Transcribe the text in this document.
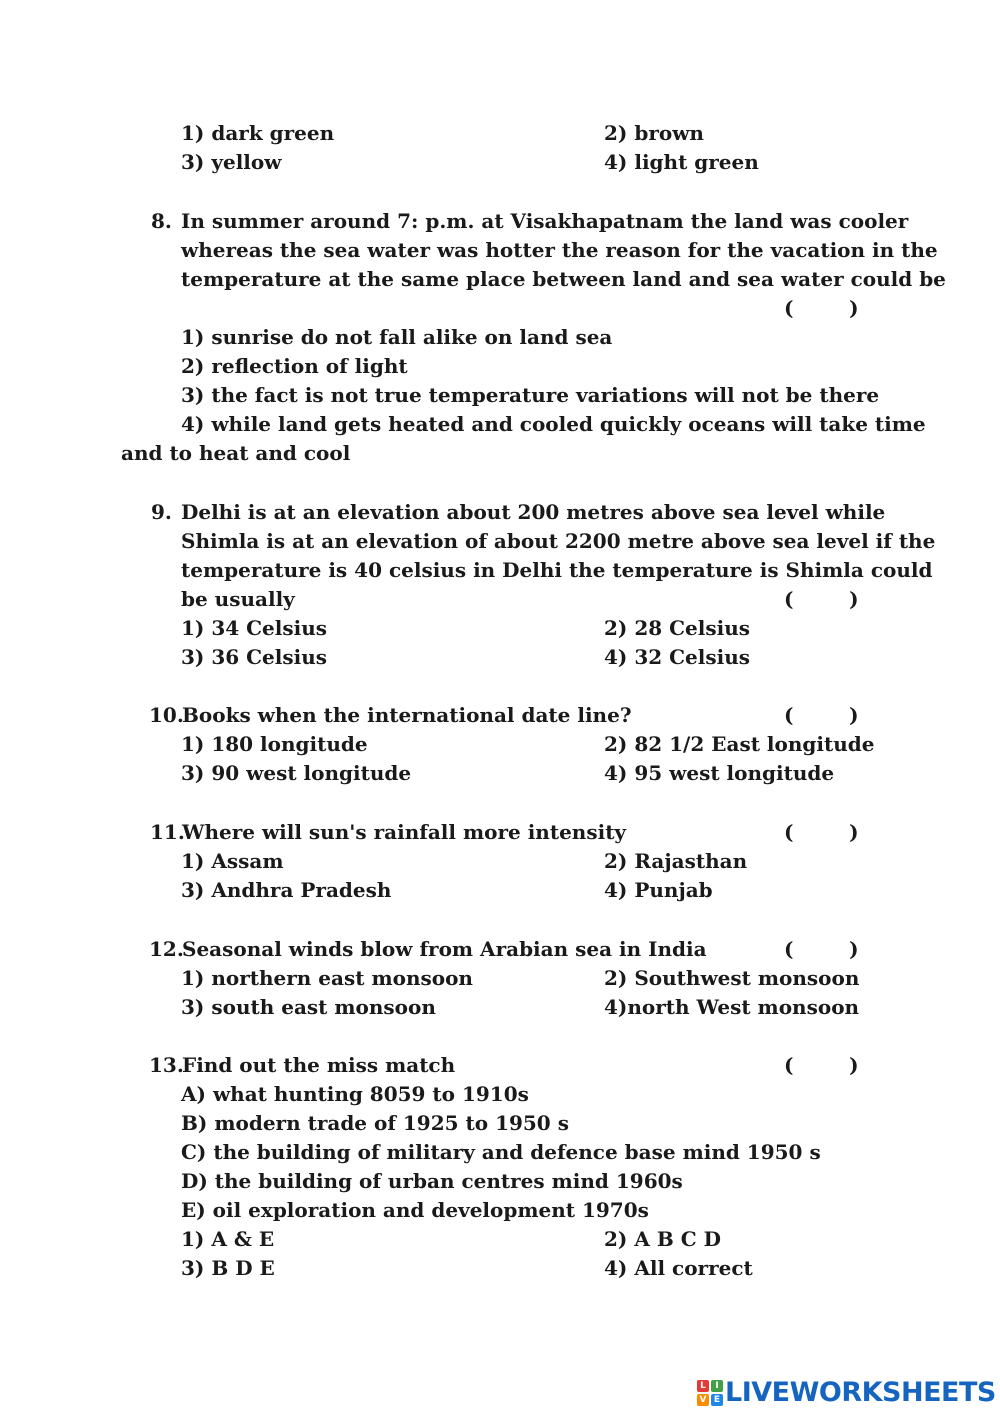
1) dark green	2) brown
3) yellow	4) light green
8. In summer around 7: p.m. at Visakhapatnam the land was cooler
whereas the sea water was hotter the reason for the vacation in the
temperature at the same place between land and sea water could be
(        )
1) sunrise do not fall alike on land sea
2) reflection of light
3) the fact is not true temperature variations will not be there
4) while land gets heated and cooled quickly oceans will take time
and to heat and cool
9. Delhi is at an elevation about 200 metres above sea level while
Shimla is at an elevation of about 2200 metre above sea level if the
temperature is 40 celsius in Delhi the temperature is Shimla could
be usually	(        )
1) 34 Celsius	2) 28 Celsius
3) 36 Celsius	4) 32 Celsius
10.
Books when the international date line?	(        )
1) 180 longitude	2) 82 1/2 East longitude
3) 90 west longitude	4) 95 west longitude
11.
Where will sun's rainfall more intensity	(        )
1) Assam	2) Rajasthan
3) Andhra Pradesh	4) Punjab
12.
Seasonal winds blow from Arabian sea in India	(        )
1) northern east monsoon	2) Southwest monsoon
3) south east monsoon	4)north West monsoon
13.
Find out the miss match	(        )
A) what hunting 8059 to 1910s
B) modern trade of 1925 to 1950 s
C) the building of military and defence base mind 1950 s
D) the building of urban centres mind 1960s
E) oil exploration and development 1970s
1) A & E	2) A B C D
3) B D E	4) All correct
L	I
V E LIVEWORKSHEETS
